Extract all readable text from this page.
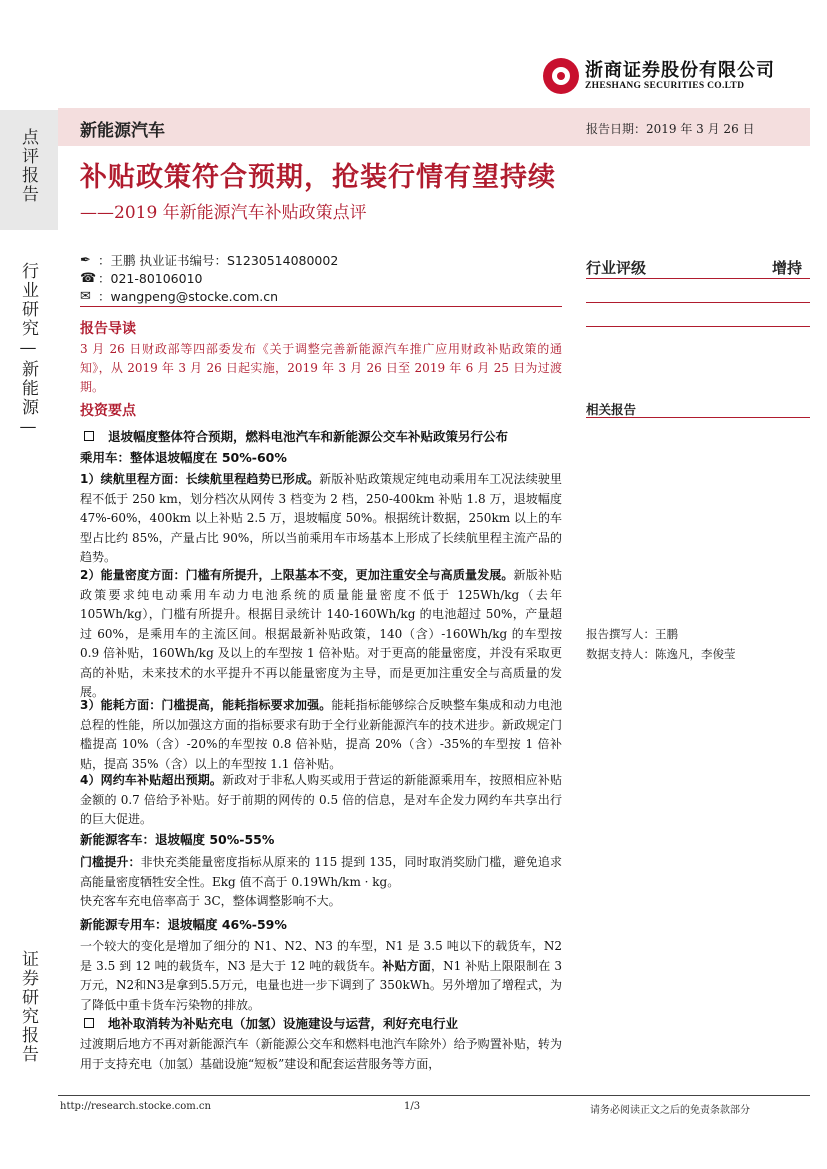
点评报告
行业研究—新能源—
证券研究报告
浙商证券股份有限公司
ZHESHANG SECURITIES CO.LTD
新能源汽车	报告日期：2019 年 3 月 26 日
补贴政策符合预期，抢装行情有望持续
——2019 年新能源汽车补贴政策点评
✒ ：王鹏 执业证书编号：S1230514080002
☎ ：021-80106010
✉ ：wangpeng@stocke.com.cn
报告导读
3 月 26 日财政部等四部委发布《关于调整完善新能源汽车推广应用财政补贴政策的通知》，从 2019 年 3 月 26 日起实施，2019 年 3 月 26 日至 2019 年 6 月 25 日为过渡期。
投资要点
退坡幅度整体符合预期，燃料电池汽车和新能源公交车补贴政策另行公布
乘用车：整体退坡幅度在 50%-60%
1）续航里程方面：长续航里程趋势已形成。新版补贴政策规定纯电动乘用车工况法续驶里程不低于 250 km，划分档次从网传 3 档变为 2 档，250-400km 补贴 1.8 万，退坡幅度 47%-60%，400km 以上补贴 2.5 万，退坡幅度 50%。根据统计数据，250km 以上的车型占比约 85%，产量占比 90%，所以当前乘用车市场基本上形成了长续航里程主流产品的趋势。
2）能量密度方面：门槛有所提升，上限基本不变，更加注重安全与高质量发展。新版补贴政策要求纯电动乘用车动力电池系统的质量能量密度不低于 125Wh/kg（去年 105Wh/kg），门槛有所提升。根据目录统计 140-160Wh/kg 的电池超过 50%，产量超过 60%，是乘用车的主流区间。根据最新补贴政策，140（含）-160Wh/kg 的车型按 0.9 倍补贴，160Wh/kg 及以上的车型按 1 倍补贴。对于更高的能量密度，并没有采取更高的补贴，未来技术的水平提升不再以能量密度为主导，而是更加注重安全与高质量的发展。
3）能耗方面：门槛提高，能耗指标要求加强。能耗指标能够综合反映整车集成和动力电池总程的性能，所以加强这方面的指标要求有助于全行业新能源汽车的技术进步。新政规定门槛提高 10%（含）-20%的车型按 0.8 倍补贴，提高 20%（含）-35%的车型按 1 倍补贴，提高 35%（含）以上的车型按 1.1 倍补贴。
4）网约车补贴超出预期。新政对于非私人购买或用于营运的新能源乘用车，按照相应补贴金额的 0.7 倍给予补贴。好于前期的网传的 0.5 倍的信息，是对车企发力网约车共享出行的巨大促进。
新能源客车：退坡幅度 50%-55%
门槛提升：非快充类能量密度指标从原来的 115 提到 135，同时取消奖励门槛，避免追求高能量密度牺牲安全性。Ekg 值不高于 0.19Wh/km · kg。
快充客车充电倍率高于 3C，整体调整影响不大。
新能源专用车：退坡幅度 46%-59%
一个较大的变化是增加了细分的 N1、N2、N3 的车型，N1 是 3.5 吨以下的载货车，N2 是 3.5 到 12 吨的载货车，N3 是大于 12 吨的载货车。补贴方面，N1 补贴上限限制在 3 万元，N2和N3是拿到5.5万元，电量也进一步下调到了 350kWh。另外增加了增程式，为了降低中重卡货车污染物的排放。
地补取消转为补贴充电（加氢）设施建设与运营，利好充电行业
过渡期后地方不再对新能源汽车（新能源公交车和燃料电池汽车除外）给予购置补贴，转为用于支持充电（加氢）基础设施“短板”建设和配套运营服务等方面，
行业评级	增持
相关报告
报告撰写人：王鹏
数据支持人：陈逸凡，李俊莹
http://research.stocke.com.cn	1/3	请务必阅读正文之后的免责条款部分
